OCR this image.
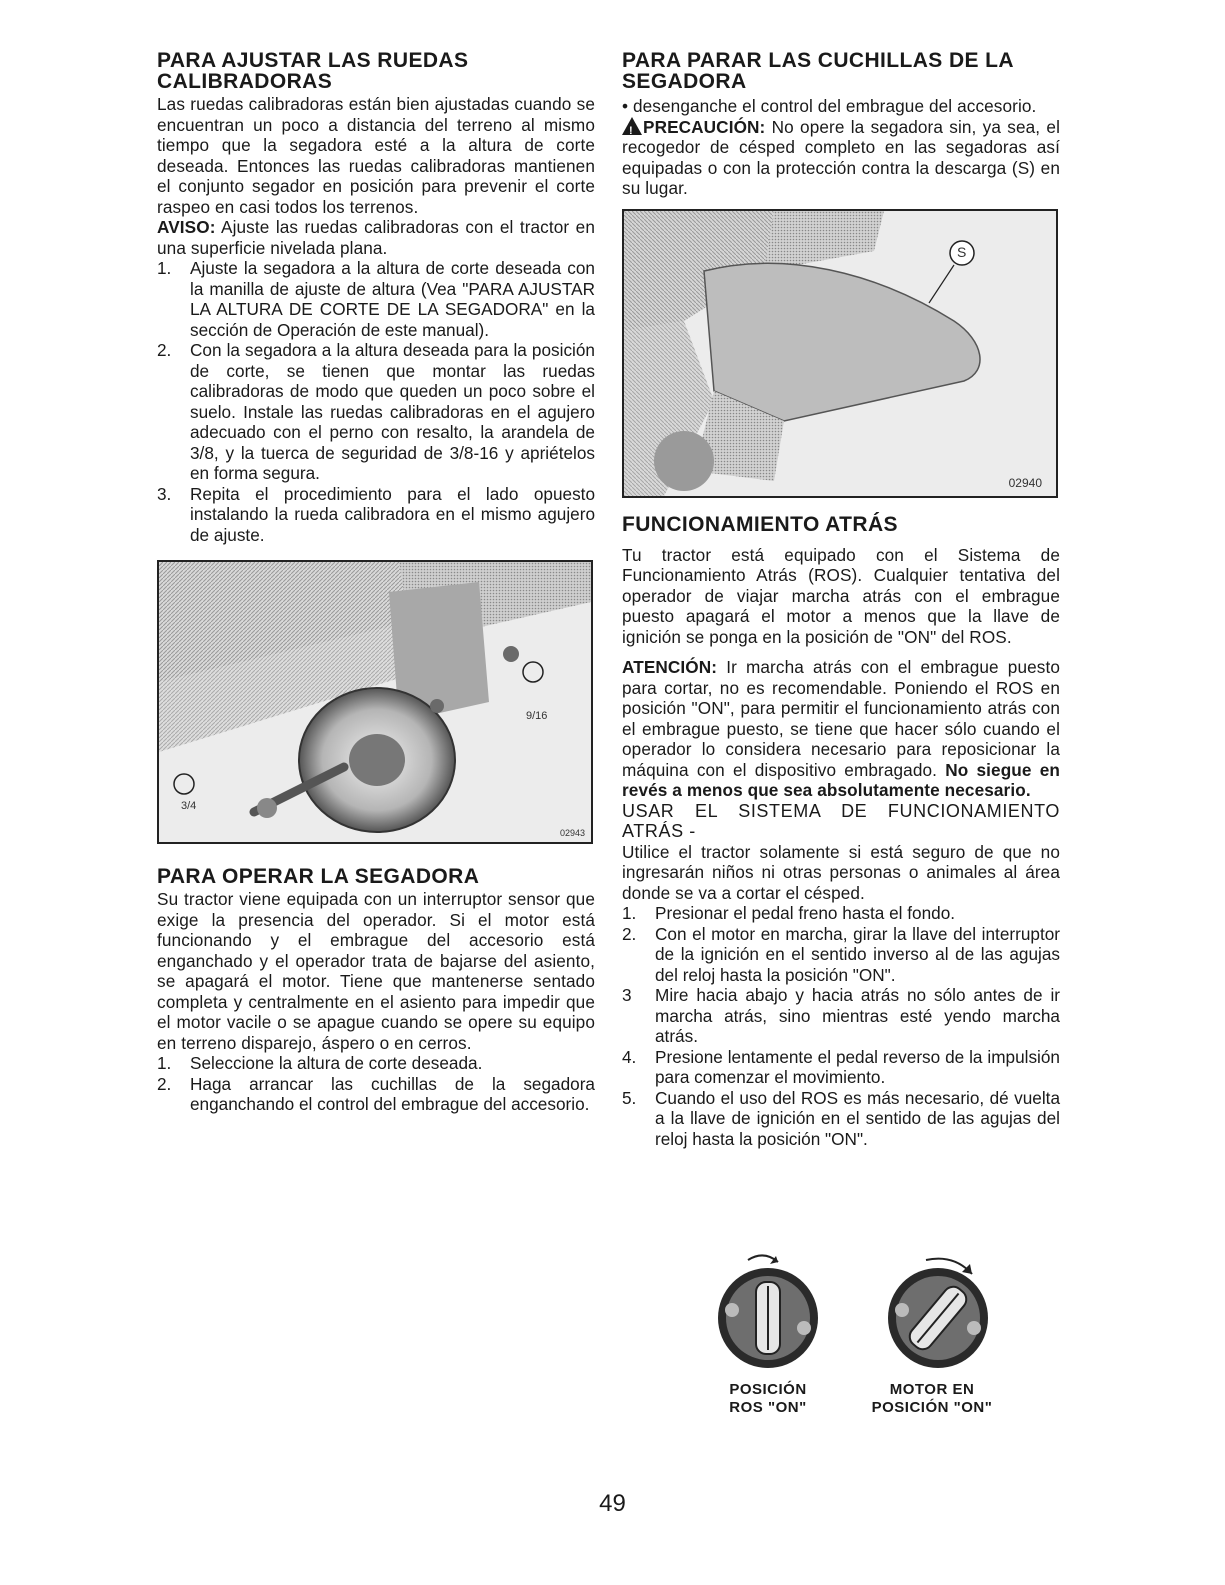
PARA AJUSTAR LAS RUEDAS
CALIBRADORAS

Las ruedas calibradoras están bien ajustadas cuando se encuentran un poco a distancia del terreno al mismo tiempo que la segadora esté a la altura de corte deseada. Entonces las ruedas calibradoras mantienen el conjunto segador en posición para prevenir el corte raspeo en casi todos los terrenos.

AVISO: Ajuste las ruedas calibradoras con el tractor en una superficie nivelada plana.

1. Ajuste la segadora a la altura de corte deseada con la manilla de ajuste de altura (Vea "PARA AJUSTAR LA ALTURA DE CORTE DE LA SEGADORA" en la sección de Operación de este manual).
2. Con la segadora a la altura deseada para la posición de corte, se tienen que montar las ruedas calibradoras de modo que queden un poco sobre el suelo. Instale las ruedas calibradoras en el agujero adecuado con el perno con resalto, la arandela de 3/8, y la tuerca de seguridad de 3/8-16 y apriételos en forma segura.
3. Repita el procedimiento para el lado opuesto instalando la rueda calibradora en el mismo agujero de ajuste.
9/16
3/4
02943
PARA OPERAR LA SEGADORA

Su tractor viene equipada con un interruptor sensor que exige la presencia del operador. Si el motor está funcionando y el embrague del accesorio está enganchado y el operador trata de bajarse del asiento, se apagará el motor. Tiene que mantenerse sentado completa y centralmente en el asiento para impedir que el motor vacile o se apague cuando se opere su equipo en terreno disparejo, áspero o en cerros.

1. Seleccione la altura de corte deseada.
2. Haga arrancar las cuchillas de la segadora enganchando el control del embrague del accesorio.
PARA PARAR LAS CUCHILLAS DE LA
SEGADORA

• desenganche el control del embrague del accesorio.

!PRECAUCIÓN: No opere la segadora sin, ya sea, el recogedor de césped completo en las segadoras así equipadas o con la protección contra la descarga (S) en su lugar.

S
02940
FUNCIONAMIENTO ATRÁS

Tu tractor está equipado con el Sistema de Funcionamiento Atrás (ROS). Cualquier tentativa del operador de viajar marcha atrás con el embrague puesto apagará el motor a menos que la llave de ignición se ponga en la posición de "ON" del ROS.

ATENCIÓN: Ir marcha atrás con el embrague puesto para cortar, no es recomendable. Poniendo el ROS en posición "ON", para permitir el funcionamiento atrás con el embrague puesto, se tiene que hacer sólo cuando el operador lo considera necesario para reposicionar la máquina con el dispositivo embragado. No siegue en revés a menos que sea absolutamente necesario.

USAR EL SISTEMA DE FUNCIONAMIENTO ATRÁS -

Utilice el tractor solamente si está seguro de que no ingresarán niños ni otras personas o animales al área donde se va a cortar el césped.

1. Presionar el pedal freno hasta el fondo.
2. Con el motor en marcha, girar la llave del interruptor de la ignición en el sentido inverso al de las agujas del reloj hasta la posición "ON".
3 Mire hacia abajo y hacia atrás no sólo antes de ir marcha atrás, sino mientras esté yendo marcha atrás.
4. Presione lentamente el pedal reverso de la impulsión para comenzar el movimiento.
5. Cuando el uso del ROS es más necesario, dé vuelta a la llave de ignición en el sentido de las agujas del reloj hasta la posición "ON".
POSICIÓN
ROS "ON"
MOTOR EN
POSICIÓN "ON"
49
